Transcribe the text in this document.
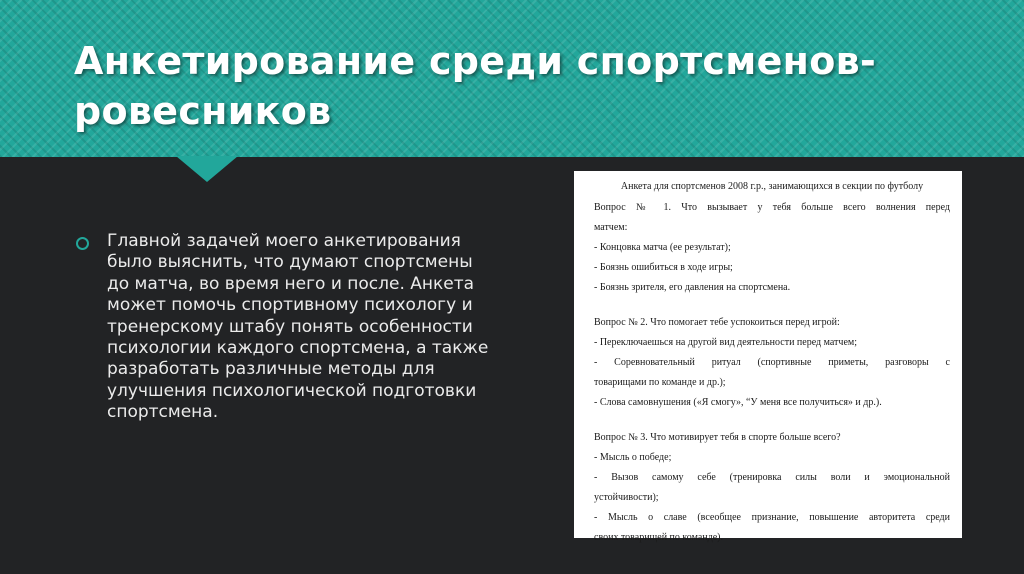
Анкетирование среди спортсменов-ровесников

Главной задачей моего анкетирования было выяснить, что думают спортсмены до матча, во время него и после. Анкета может помочь спортивному психологу и тренерскому штабу понять особенности психологии каждого спортсмена, а также разработать различные методы для улучшения психологической подготовки спортсмена.

Анкета для спортсменов 2008 г.р., занимающихся в секции по футболу

Вопрос № 1. Что вызывает у тебя больше всего волнения перед

матчем:

- Концовка матча (ее результат);

- Боязнь ошибиться в ходе игры;

- Боязнь зрителя, его давления на спортсмена.

Вопрос № 2. Что помогает тебе успокоиться перед игрой:

- Переключаешься на другой вид деятельности перед матчем;

- Соревновательный ритуал (спортивные приметы, разговоры с

товарищами по команде и др.);

- Слова самовнушения («Я смогу», “У меня все получиться» и др.).

Вопрос № 3. Что мотивирует тебя в спорте больше всего?

- Мысль о победе;

- Вызов самому себе (тренировка силы воли и эмоциональной

устойчивости);

- Мысль о славе (всеобщее признание, повышение авторитета среди

своих товарищей по команде).
